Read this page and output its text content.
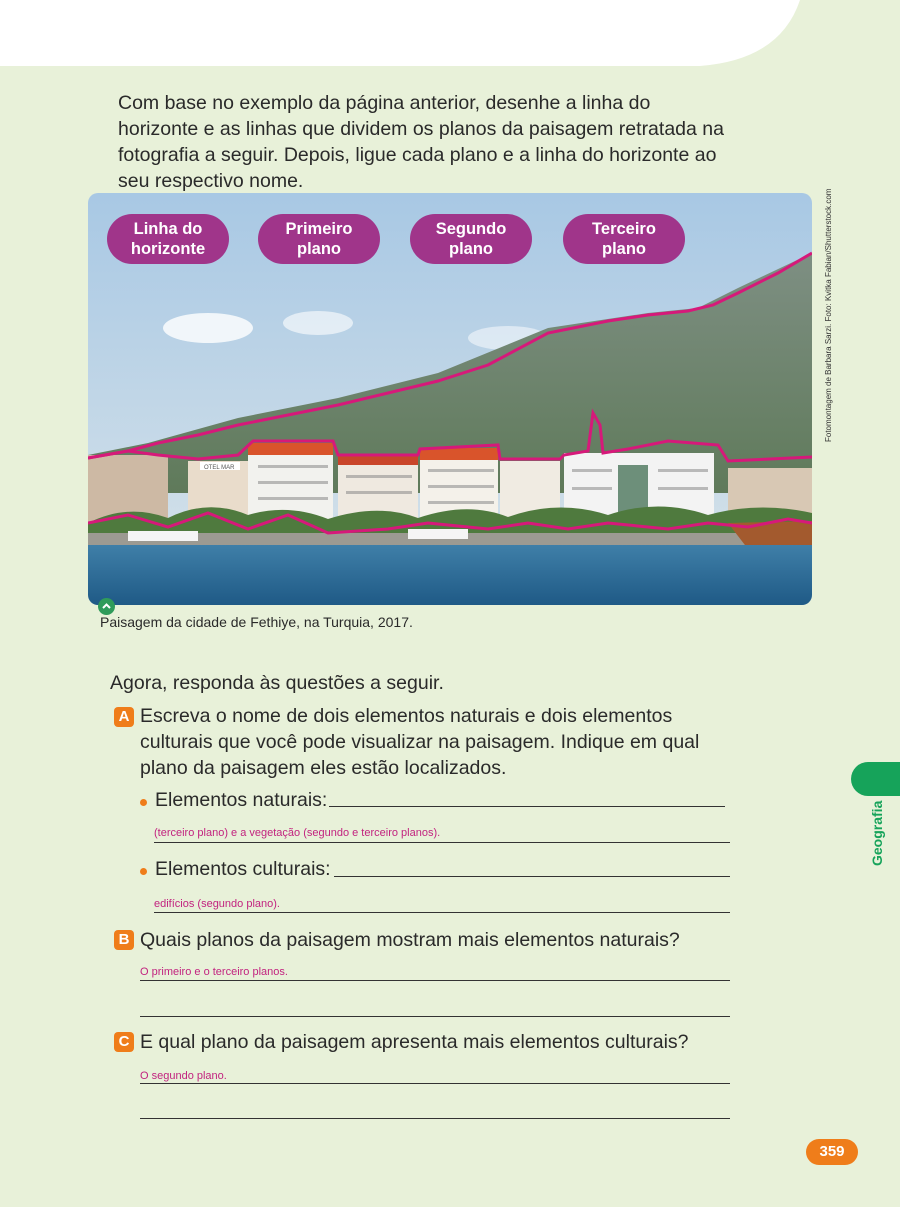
Com base no exemplo da página anterior, desenhe a linha do horizonte e as linhas que dividem os planos da paisagem retratada na fotografia a seguir. Depois, ligue cada plano e a linha do horizonte ao seu respectivo nome.

OTEL MAR
Linha do
horizonte
Primeiro
plano
Segundo
plano
Terceiro
plano	Fotomontagem de Barbara Sarzi. Foto: Kvitka Fabian/Shutterstock.com
Paisagem da cidade de Fethiye, na Turquia, 2017.
Agora, responda às questões a seguir.
A Escreva o nome de dois elementos naturais e dois elementos culturais que você pode visualizar na paisagem. Indique em qual plano da paisagem eles estão localizados.
Elementos naturais:
(terceiro plano) e a vegetação (segundo e terceiro planos).
Elementos culturais:
edifícios (segundo plano).
B Quais planos da paisagem mostram mais elementos naturais?
O primeiro e o terceiro planos.
C E qual plano da paisagem apresenta mais elementos culturais?
O segundo plano.
Geografia
359
